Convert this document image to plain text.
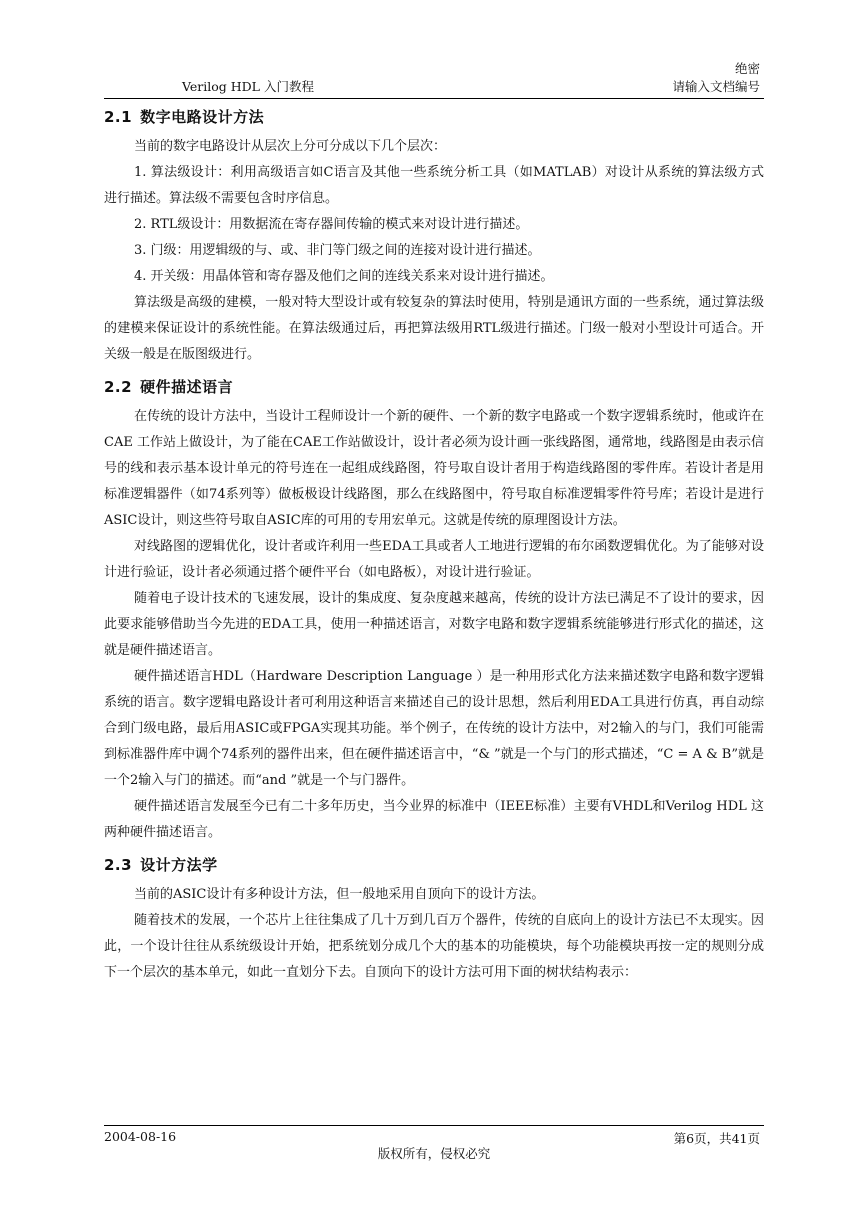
绝密
Verilog HDL 入门教程	请输入文档编号
2.1 数字电路设计方法

当前的数字电路设计从层次上分可分成以下几个层次：

1. 算法级设计：利用高级语言如C语言及其他一些系统分析工具（如MATLAB）对设计从系统的算法级方式进行描述。算法级不需要包含时序信息。

2. RTL级设计：用数据流在寄存器间传输的模式来对设计进行描述。

3. 门级：用逻辑级的与、或、非门等门级之间的连接对设计进行描述。

4. 开关级：用晶体管和寄存器及他们之间的连线关系来对设计进行描述。

算法级是高级的建模，一般对特大型设计或有较复杂的算法时使用，特别是通讯方面的一些系统，通过算法级的建模来保证设计的系统性能。在算法级通过后，再把算法级用RTL级进行描述。门级一般对小型设计可适合。开关级一般是在版图级进行。

2.2 硬件描述语言

在传统的设计方法中，当设计工程师设计一个新的硬件、一个新的数字电路或一个数字逻辑系统时，他或许在CAE 工作站上做设计，为了能在CAE工作站做设计，设计者必须为设计画一张线路图，通常地，线路图是由表示信号的线和表示基本设计单元的符号连在一起组成线路图，符号取自设计者用于构造线路图的零件库。若设计者是用标准逻辑器件（如74系列等）做板极设计线路图，那么在线路图中，符号取自标准逻辑零件符号库；若设计是进行ASIC设计，则这些符号取自ASIC库的可用的专用宏单元。这就是传统的原理图设计方法。

对线路图的逻辑优化，设计者或许利用一些EDA工具或者人工地进行逻辑的布尔函数逻辑优化。为了能够对设计进行验证，设计者必须通过搭个硬件平台（如电路板），对设计进行验证。

随着电子设计技术的飞速发展，设计的集成度、复杂度越来越高，传统的设计方法已满足不了设计的要求，因此要求能够借助当今先进的EDA工具，使用一种描述语言，对数字电路和数字逻辑系统能够进行形式化的描述，这就是硬件描述语言。

硬件描述语言HDL（Hardware Description Language ）是一种用形式化方法来描述数字电路和数字逻辑系统的语言。数字逻辑电路设计者可利用这种语言来描述自己的设计思想，然后利用EDA工具进行仿真，再自动综合到门级电路，最后用ASIC或FPGA实现其功能。举个例子，在传统的设计方法中，对2输入的与门，我们可能需到标准器件库中调个74系列的器件出来，但在硬件描述语言中，“& ”就是一个与门的形式描述，“C = A & B”就是一个2输入与门的描述。而“and ”就是一个与门器件。

硬件描述语言发展至今已有二十多年历史，当今业界的标准中（IEEE标准）主要有VHDL和Verilog HDL 这两种硬件描述语言。

2.3 设计方法学

当前的ASIC设计有多种设计方法，但一般地采用自顶向下的设计方法。

随着技术的发展，一个芯片上往往集成了几十万到几百万个器件，传统的自底向上的设计方法已不太现实。因此，一个设计往往从系统级设计开始，把系统划分成几个大的基本的功能模块，每个功能模块再按一定的规则分成下一个层次的基本单元，如此一直划分下去。自顶向下的设计方法可用下面的树状结构表示：

2004-08-16	第6页，共41页
版权所有，侵权必究
